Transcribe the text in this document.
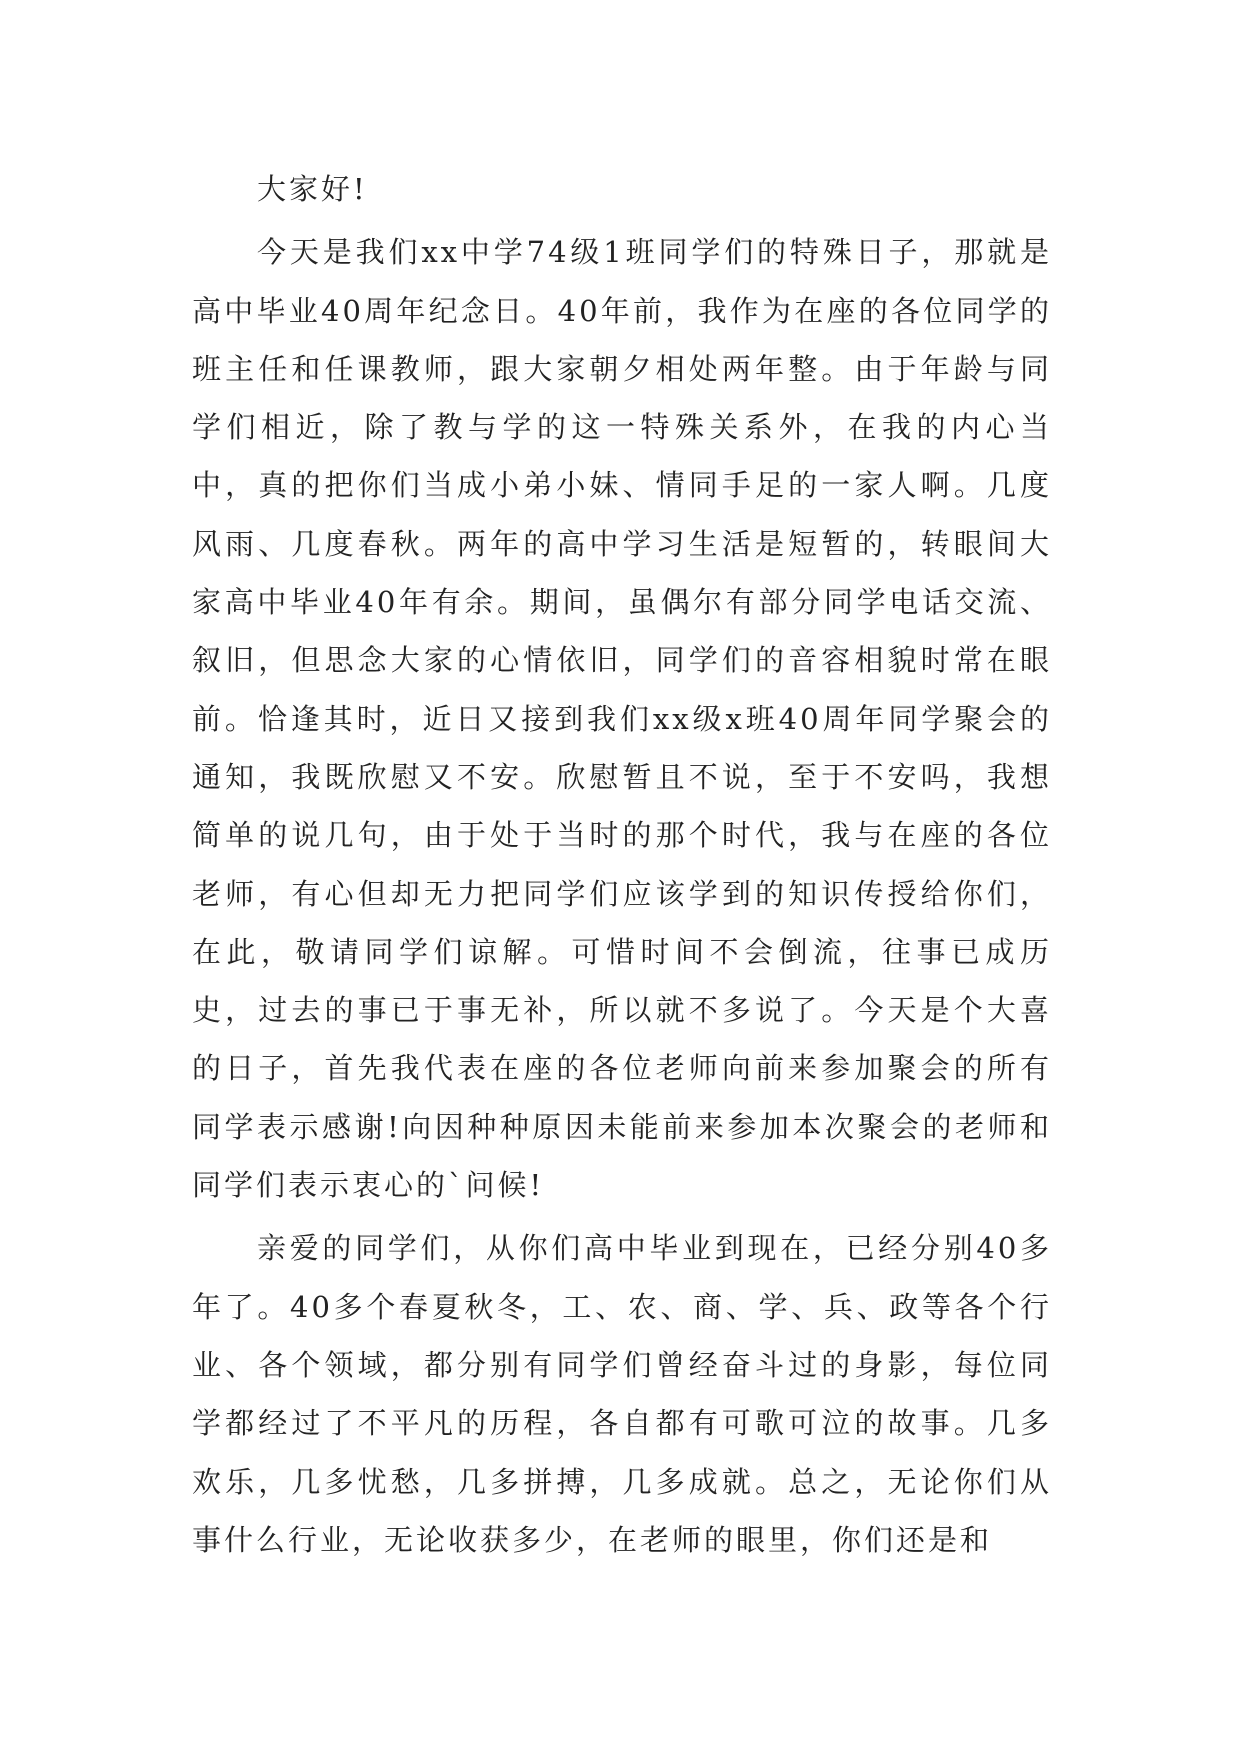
大家好!

今天是我们xx中学74级1班同学们的特殊日子，那就是高中毕业40周年纪念日。40年前，我作为在座的各位同学的班主任和任课教师，跟大家朝夕相处两年整。由于年龄与同学们相近，除了教与学的这一特殊关系外，在我的内心当中，真的把你们当成小弟小妹、情同手足的一家人啊。几度风雨、几度春秋。两年的高中学习生活是短暂的，转眼间大家高中毕业40年有余。期间，虽偶尔有部分同学电话交流、叙旧，但思念大家的心情依旧，同学们的音容相貌时常在眼前。恰逢其时，近日又接到我们xx级x班40周年同学聚会的通知，我既欣慰又不安。欣慰暂且不说，至于不安吗，我想简单的说几句，由于处于当时的那个时代，我与在座的各位老师，有心但却无力把同学们应该学到的知识传授给你们，在此，敬请同学们谅解。可惜时间不会倒流，往事已成历史，过去的事已于事无补，所以就不多说了。今天是个大喜的日子，首先我代表在座的各位老师向前来参加聚会的所有同学表示感谢!向因种种原因未能前来参加本次聚会的老师和同学们表示衷心的`问候!

亲爱的同学们，从你们高中毕业到现在，已经分别40多年了。40多个春夏秋冬，工、农、商、学、兵、政等各个行业、各个领域，都分别有同学们曾经奋斗过的身影，每位同学都经过了不平凡的历程，各自都有可歌可泣的故事。几多欢乐，几多忧愁，几多拼搏，几多成就。总之，无论你们从事什么行业，无论收获多少，在老师的眼里，你们还是和
